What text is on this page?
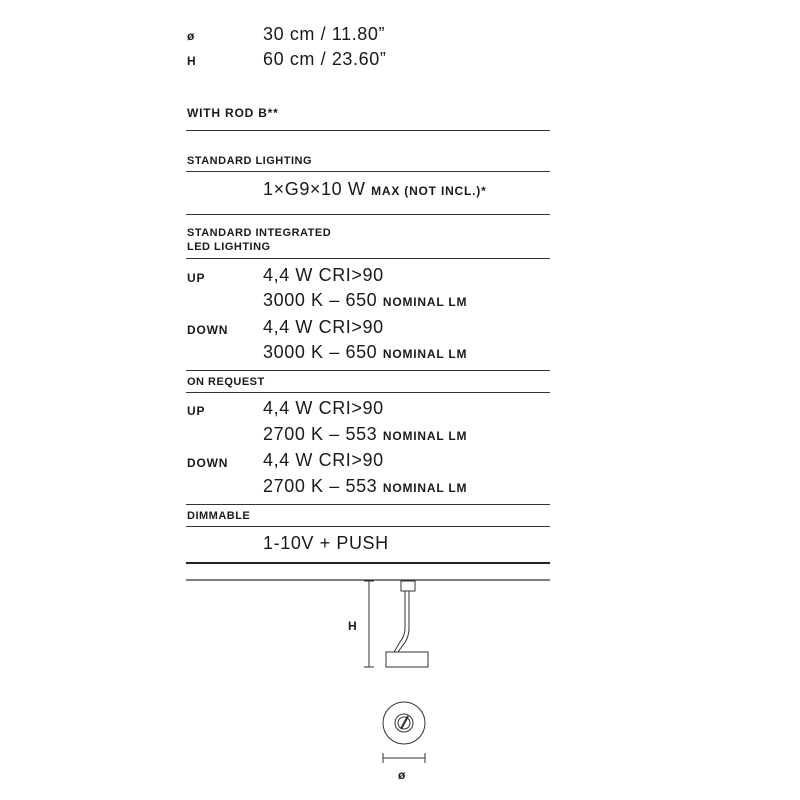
ø	30 cm / 11.80”
H	60 cm / 23.60”
WITH ROD B**
STANDARD LIGHTING
1×G9×10 W MAX (NOT INCL.)*
STANDARD INTEGRATED
LED LIGHTING
UP	4,4 W CRI>90
3000 K – 650 NOMINAL LM
DOWN 4,4 W CRI>90
3000 K – 650 NOMINAL LM
ON REQUEST
UP	4,4 W CRI>90
2700 K – 553 NOMINAL LM
DOWN 4,4 W CRI>90
2700 K – 553 NOMINAL LM
DIMMABLE
1-10V + PUSH
H
ø
